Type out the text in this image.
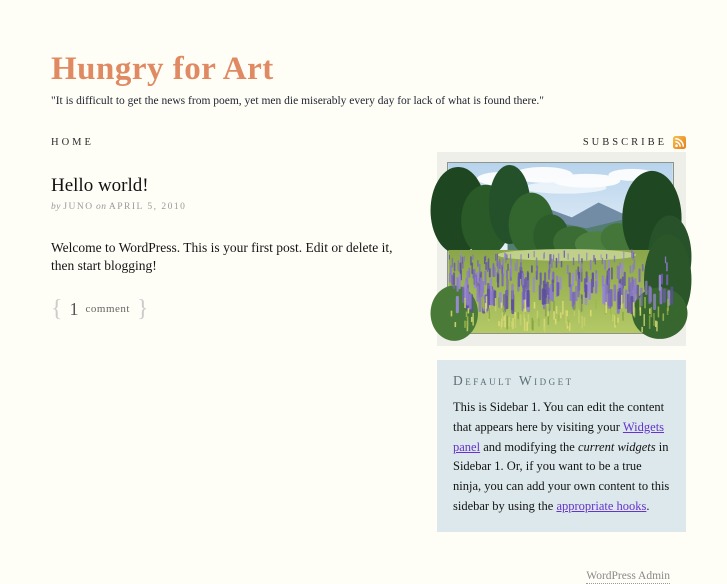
Hungry for Art
"It is difficult to get the news from poem, yet men die miserably every day for lack of what is found there."
HOME	SUBSCRIBE
Hello world!
by JUNO on APRIL 5, 2010

Welcome to WordPress. This is your first post. Edit or delete it, then start blogging!

{ 1 comment }
Default Widget

This is Sidebar 1. You can edit the content that appears here by visiting your Widgets panel and modifying the current widgets in Sidebar 1. Or, if you want to be a true ninja, you can add your own content to this sidebar by using the appropriate hooks.

WordPress Admin
